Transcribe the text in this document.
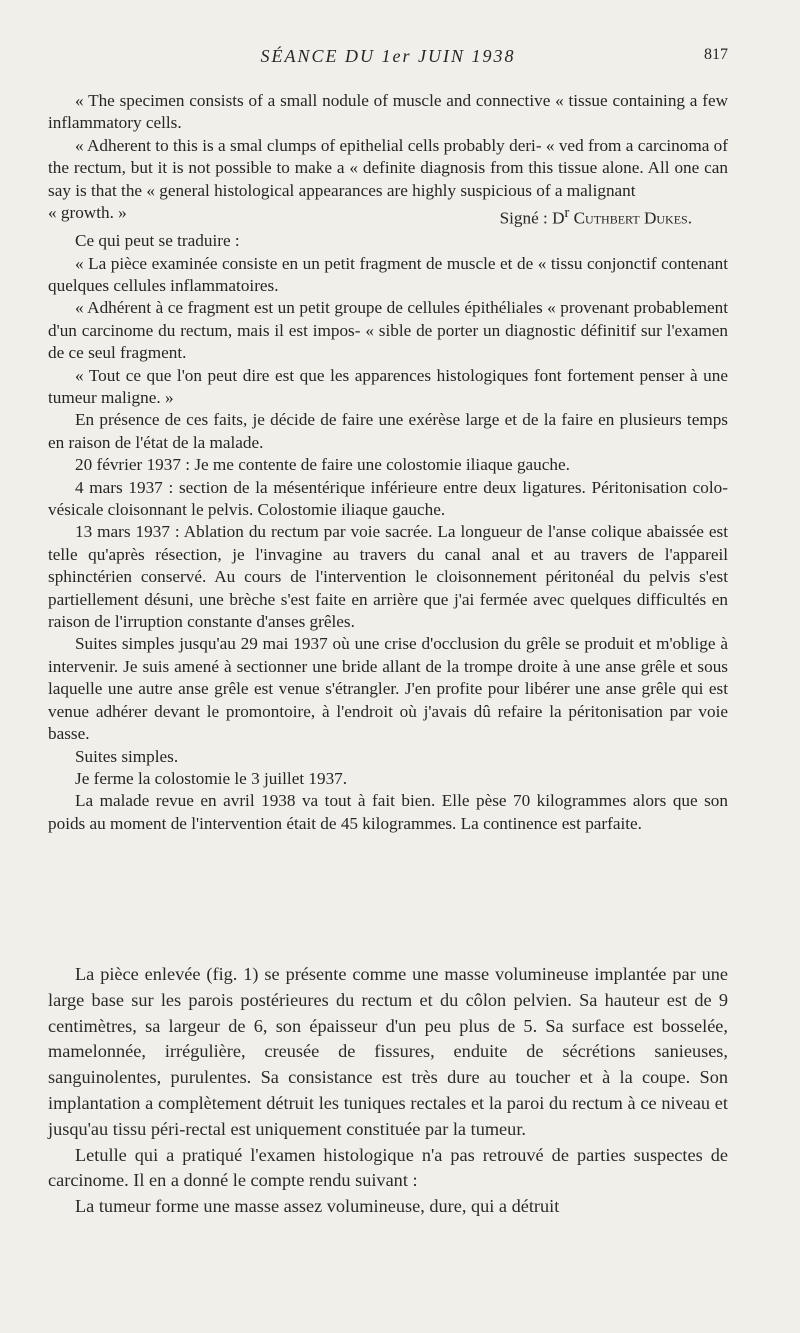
SÉANCE DU 1er JUIN 1938	817

« The specimen consists of a small nodule of muscle and connective « tissue containing a few inflammatory cells.

« Adherent to this is a smal clumps of epithelial cells probably deri- « ved from a carcinoma of the rectum, but it is not possible to make a « definite diagnosis from this tissue alone. All one can say is that the « general histological appearances are highly suspicious of a malignant

« growth. »	Signé : $D^r$ Cuthbert Dukes.

Ce qui peut se traduire :

« La pièce examinée consiste en un petit fragment de muscle et de « tissu conjonctif contenant quelques cellules inflammatoires.

« Adhérent à ce fragment est un petit groupe de cellules épithéliales « provenant probablement d'un carcinome du rectum, mais il est impos- « sible de porter un diagnostic définitif sur l'examen de ce seul fragment.

« Tout ce que l'on peut dire est que les apparences histologiques font fortement penser à une tumeur maligne. »

En présence de ces faits, je décide de faire une exérèse large et de la faire en plusieurs temps en raison de l'état de la malade.

20 février 1937 : Je me contente de faire une colostomie iliaque gauche.

4 mars 1937 : section de la mésentérique inférieure entre deux ligatures. Péritonisation colo-vésicale cloisonnant le pelvis. Colostomie iliaque gauche.

13 mars 1937 : Ablation du rectum par voie sacrée. La longueur de l'anse colique abaissée est telle qu'après résection, je l'invagine au travers du canal anal et au travers de l'appareil sphinctérien conservé. Au cours de l'intervention le cloisonnement péritonéal du pelvis s'est partiellement désuni, une brèche s'est faite en arrière que j'ai fermée avec quelques difficultés en raison de l'irruption constante d'anses grêles.

Suites simples jusqu'au 29 mai 1937 où une crise d'occlusion du grêle se produit et m'oblige à intervenir. Je suis amené à sectionner une bride allant de la trompe droite à une anse grêle et sous laquelle une autre anse grêle est venue s'étrangler. J'en profite pour libérer une anse grêle qui est venue adhérer devant le promontoire, à l'endroit où j'avais dû refaire la péritonisation par voie basse.

Suites simples.

Je ferme la colostomie le 3 juillet 1937.

La malade revue en avril 1938 va tout à fait bien. Elle pèse 70 kilogrammes alors que son poids au moment de l'intervention était de 45 kilogrammes. La continence est parfaite.

La pièce enlevée (fig. 1) se présente comme une masse volumineuse implantée par une large base sur les parois postérieures du rectum et du côlon pelvien. Sa hauteur est de 9 centimètres, sa largeur de 6, son épaisseur d'un peu plus de 5. Sa surface est bosselée, mamelonnée, irrégulière, creusée de fissures, enduite de sécrétions sanieuses, sanguinolentes, purulentes. Sa consistance est très dure au toucher et à la coupe. Son implantation a complètement détruit les tuniques rectales et la paroi du rectum à ce niveau et jusqu'au tissu péri-rectal est uniquement constituée par la tumeur.

Letulle qui a pratiqué l'examen histologique n'a pas retrouvé de parties suspectes de carcinome. Il en a donné le compte rendu suivant :

La tumeur forme une masse assez volumineuse, dure, qui a détruit
